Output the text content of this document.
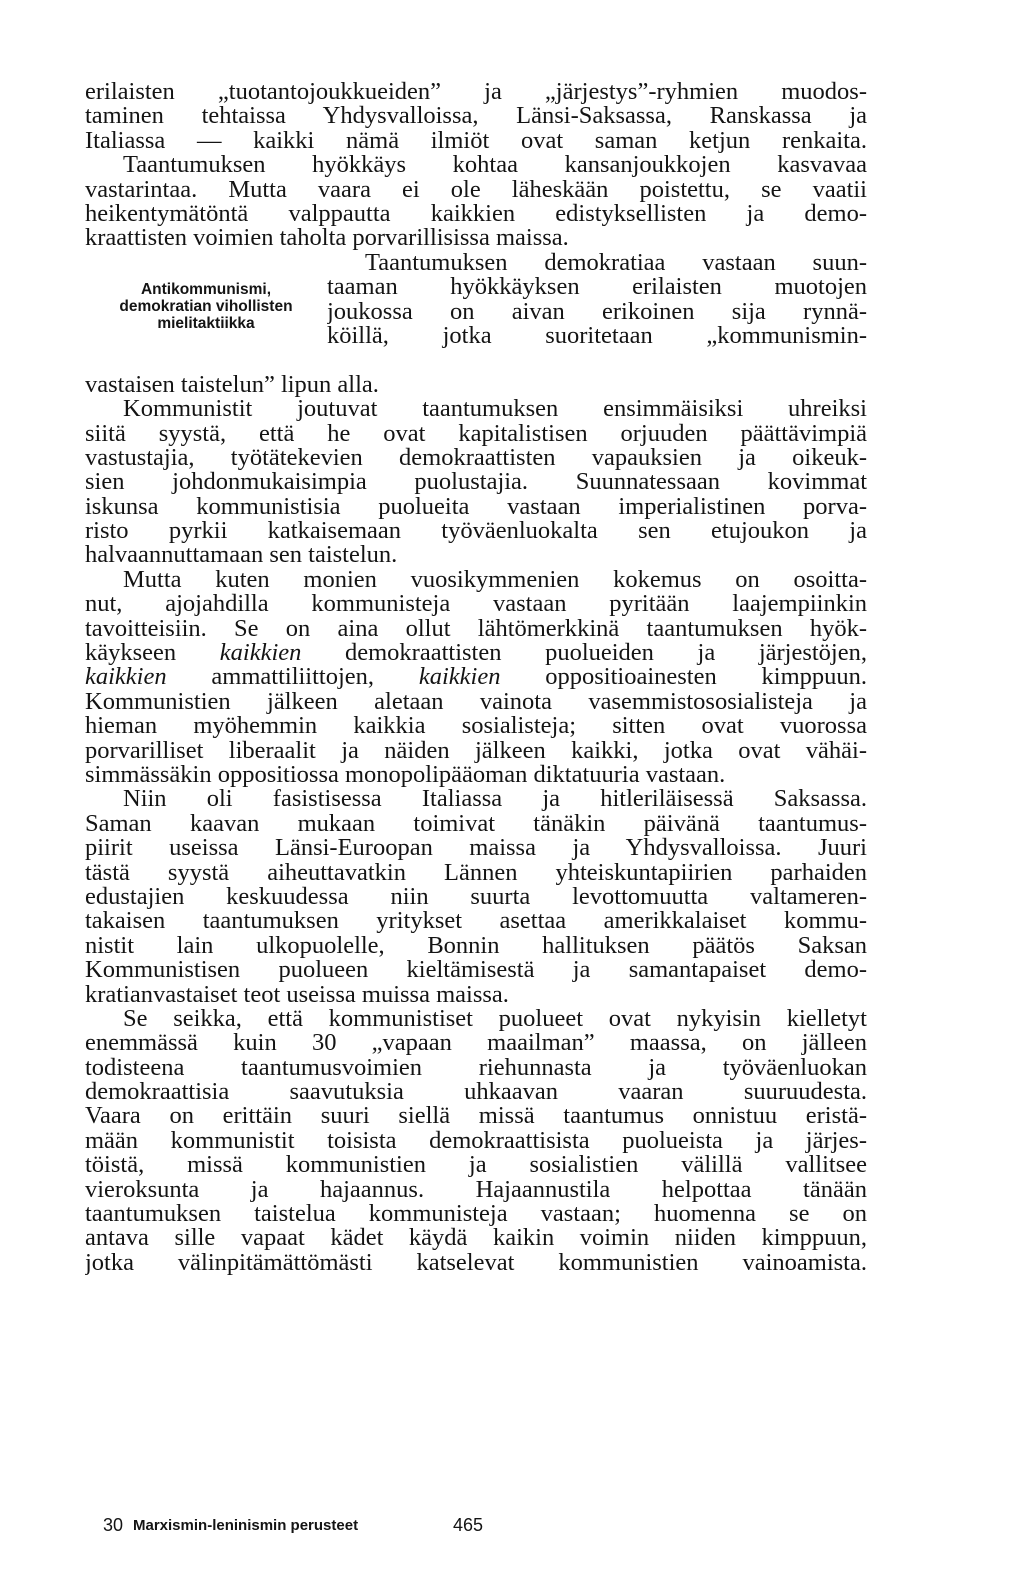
erilaisten „tuotantojoukkueiden” ja „järjestys”-ryhmien muodos-
taminen tehtaissa Yhdysvalloissa, Länsi-Saksassa, Ranskassa ja
Italiassa — kaikki nämä ilmiöt ovat saman ketjun renkaita.
Taantumuksen hyökkäys kohtaa kansanjoukkojen kasvavaa
vastarintaa. Mutta vaara ei ole läheskään poistettu, se vaatii
heikentymätöntä valppautta kaikkien edistyksellisten ja demo-
kraattisten voimien taholta porvarillisissa maissa.
Antikommunismi,
demokratian vihollisten
mielitaktiikka
Taantumuksen demokratiaa vastaan suun-
taaman hyökkäyksen erilaisten muotojen
joukossa on aivan erikoinen sija rynnä-
köillä, jotka suoritetaan „kommunismin-
vastaisen taistelun” lipun alla.
Kommunistit joutuvat taantumuksen ensimmäisiksi uhreiksi
siitä syystä, että he ovat kapitalistisen orjuuden päättävimpiä
vastustajia, työtätekevien demokraattisten vapauksien ja oikeuk-
sien johdonmukaisimpia puolustajia. Suunnatessaan kovimmat
iskunsa kommunistisia puolueita vastaan imperialistinen porva-
risto pyrkii katkaisemaan työväenluokalta sen etujoukon ja
halvaannuttamaan sen taistelun.
Mutta kuten monien vuosikymmenien kokemus on osoitta-
nut, ajojahdilla kommunisteja vastaan pyritään laajempiinkin
tavoitteisiin. Se on aina ollut lähtömerkkinä taantumuksen hyök-
käykseen kaikkien demokraattisten puolueiden ja järjestöjen,
kaikkien ammattiliittojen, kaikkien oppositioainesten kimppuun.
Kommunistien jälkeen aletaan vainota vasemmistososialisteja ja
hieman myöhemmin kaikkia sosialisteja; sitten ovat vuorossa
porvarilliset liberaalit ja näiden jälkeen kaikki, jotka ovat vähäi-
simmässäkin oppositiossa monopolipääoman diktatuuria vastaan.
Niin oli fasistisessa Italiassa ja hitleriläisessä Saksassa.
Saman kaavan mukaan toimivat tänäkin päivänä taantumus-
piirit useissa Länsi-Euroopan maissa ja Yhdysvalloissa. Juuri
tästä syystä aiheuttavatkin Lännen yhteiskuntapiirien parhaiden
edustajien keskuudessa niin suurta levottomuutta valtameren-
takaisen taantumuksen yritykset asettaa amerikkalaiset kommu-
nistit lain ulkopuolelle, Bonnin hallituksen päätös Saksan
Kommunistisen puolueen kieltämisestä ja samantapaiset demo-
kratianvastaiset teot useissa muissa maissa.
Se seikka, että kommunistiset puolueet ovat nykyisin kielletyt
enemmässä kuin 30 „vapaan maailman” maassa, on jälleen
todisteena taantumusvoimien riehunnasta ja työväenluokan
demokraattisia saavutuksia uhkaavan vaaran suuruudesta.
Vaara on erittäin suuri siellä missä taantumus onnistuu eristä-
mään kommunistit toisista demokraattisista puolueista ja järjes-
töistä, missä kommunistien ja sosialistien välillä vallitsee
vieroksunta ja hajaannus. Hajaannustila helpottaa tänään
taantumuksen taistelua kommunisteja vastaan; huomenna se on
antava sille vapaat kädet käydä kaikin voimin niiden kimppuun,
jotka välinpitämättömästi katselevat kommunistien vainoamista.
30 Marxismin-leninismin perusteet	465
